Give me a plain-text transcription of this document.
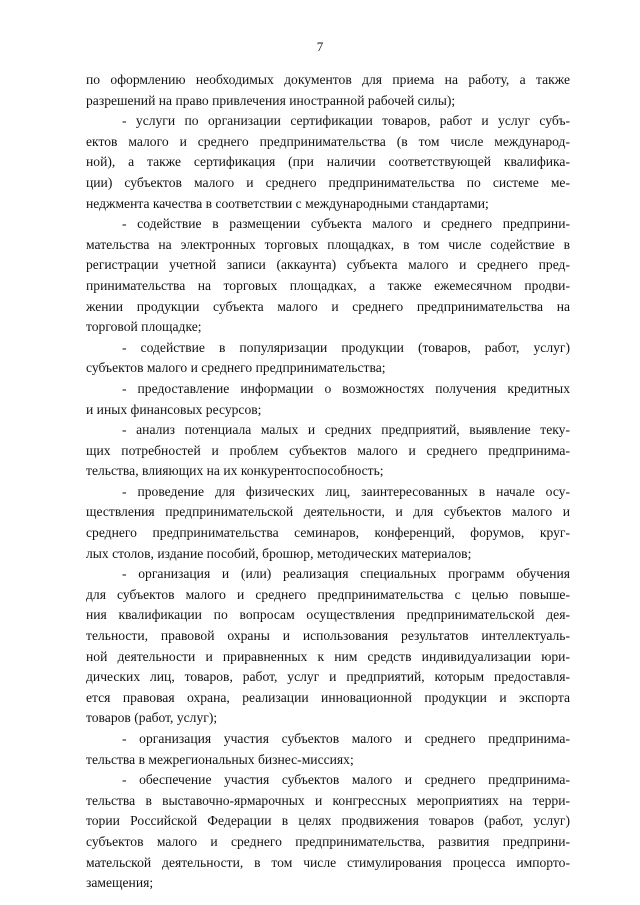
7
по оформлению необходимых документов для приема на работу, а также
разрешений на право привлечения иностранной рабочей силы);
- услуги по организации сертификации товаров, работ и услуг субъ-
ектов малого и среднего предпринимательства (в том числе международ-
ной), а также сертификация (при наличии соответствующей квалифика-
ции) субъектов малого и среднего предпринимательства по системе ме-
неджмента качества в соответствии с международными стандартами;
- содействие в размещении субъекта малого и среднего предприни-
мательства на электронных торговых площадках, в том числе содействие в
регистрации учетной записи (аккаунта) субъекта малого и среднего пред-
принимательства на торговых площадках, а также ежемесячном продви-
жении продукции субъекта малого и среднего предпринимательства на
торговой площадке;
- содействие в популяризации продукции (товаров, работ, услуг)
субъектов малого и среднего предпринимательства;
- предоставление информации о возможностях получения кредитных
и иных финансовых ресурсов;
- анализ потенциала малых и средних предприятий, выявление теку-
щих потребностей и проблем субъектов малого и среднего предпринима-
тельства, влияющих на их конкурентоспособность;
- проведение для физических лиц, заинтересованных в начале осу-
ществления предпринимательской деятельности, и для субъектов малого и
среднего предпринимательства семинаров, конференций, форумов, круг-
лых столов, издание пособий, брошюр, методических материалов;
- организация и (или) реализация специальных программ обучения
для субъектов малого и среднего предпринимательства с целью повыше-
ния квалификации по вопросам осуществления предпринимательской дея-
тельности, правовой охраны и использования результатов интеллектуаль-
ной деятельности и приравненных к ним средств индивидуализации юри-
дических лиц, товаров, работ, услуг и предприятий, которым предоставля-
ется правовая охрана, реализации инновационной продукции и экспорта
товаров (работ, услуг);
- организация участия субъектов малого и среднего предпринима-
тельства в межрегиональных бизнес-миссиях;
- обеспечение участия субъектов малого и среднего предпринима-
тельства в выставочно-ярмарочных и конгрессных мероприятиях на терри-
тории Российской Федерации в целях продвижения товаров (работ, услуг)
субъектов малого и среднего предпринимательства, развития предприни-
мательской деятельности, в том числе стимулирования процесса импорто-
замещения;
